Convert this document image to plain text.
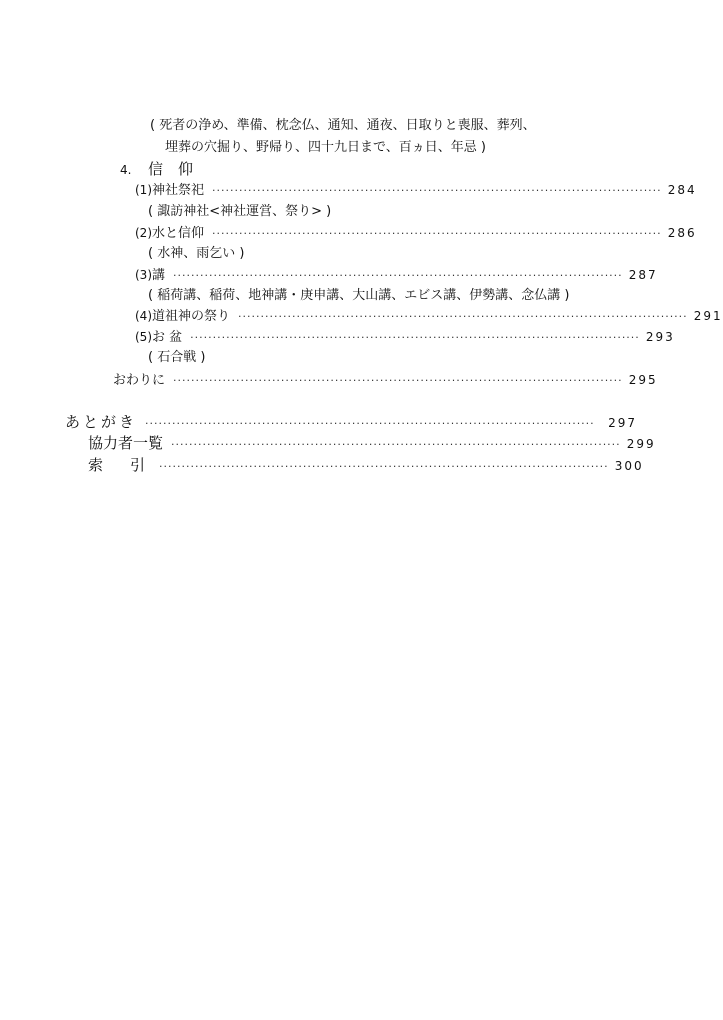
( 死者の浄め、準備、枕念仏、通知、通夜、日取りと喪服、葬列、
埋葬の穴掘り、野帰り、四十九日まで、百ヵ日、年忌 )
4.	信　仰
(1) 神社祭祀 ···································································································· 284
( 諏訪神社<神社運営、祭り> )
(2) 水と信仰 ···································································································· 286
( 水神、雨乞い )
(3) 講 ···································································································· 287
( 稲荷講、稲荷、地神講・庚申講、大山講、エビス講、伊勢講、念仏講 )
(4) 道祖神の祭り ···································································································· 291
(5) お 盆 ···································································································· 293
( 石合戦 )
おわりに ···································································································· 295
あとがき ····································································································	297
協力者一覧 ···································································································· 299
索　引 ···································································································· 300
